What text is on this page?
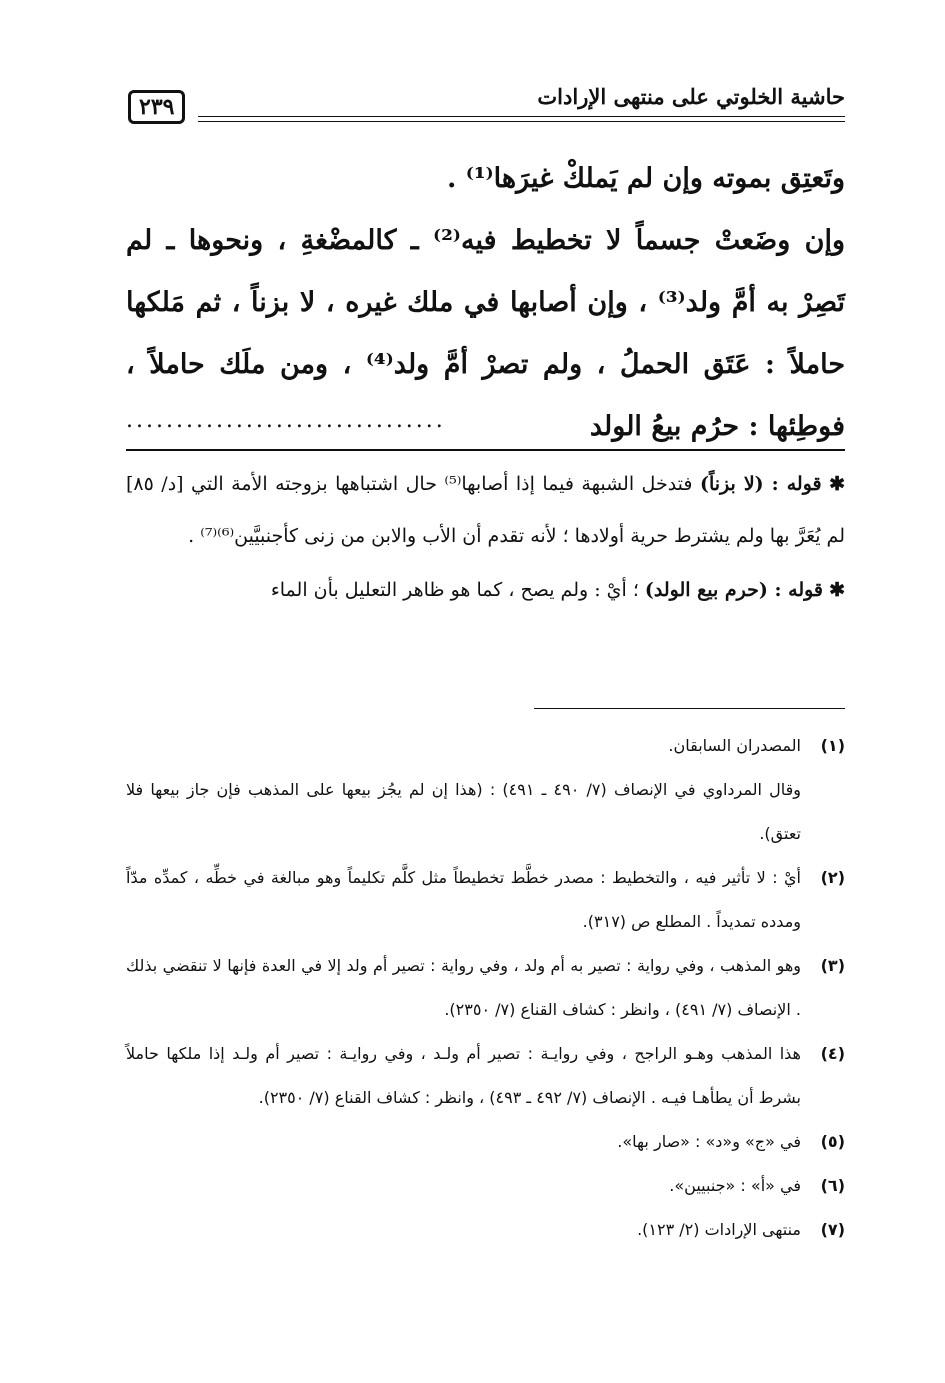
حاشية الخلوتي على منتهى الإرادات
٢٣٩

وتَعتِق بموته وإن لم يَملكْ غيرَها⁽¹⁾ .

وإن وضَعتْ جسماً لا تخطيط فيه⁽²⁾ ـ كالمضْغةِ ، ونحوها ـ لم تَصِرْ به أمَّ ولد⁽³⁾ ، وإن أصابها في ملك غيره ، لا بزناً ، ثم مَلكها حاملاً : عَتَق الحملُ ، ولم تصرْ أمَّ ولد⁽⁴⁾ ، ومن ملَك حاملاً ، فوطِئها : حرُم بيعُ الولد

................................

✱ قوله : (لا بزناً) فتدخل الشبهة فيما إذا أصابها⁽⁵⁾ حال اشتباهها بزوجته الأمة التي [د/ ٨٥] لم يُعَرَّ بها ولم يشترط حرية أولادها ؛ لأنه تقدم أن الأب والابن من زنى كأجنبيَّين⁽⁶⁾⁽⁷⁾ .

✱ قوله : (حرم بيع الولد) ؛ أيْ : ولم يصح ، كما هو ظاهر التعليل بأن الماء

(١)
المصدران السابقان.
وقال المرداوي في الإنصاف (٧/ ٤٩٠ ـ ٤٩١) : (هذا إن لم يجُز بيعها على المذهب فإن جاز بيعها فلا تعتق).
(٢)
أيْ : لا تأثير فيه ، والتخطيط : مصدر خطَّط تخطيطاً مثل كلَّم تكليماً وهو مبالغة في خطِّه ، كمدِّه مدّاً ومدده تمديداً . المطلع ص (٣١٧).
(٣)
وهو المذهب ، وفي رواية : تصير به أم ولد ، وفي رواية : تصير أم ولد إلا في العدة فإنها لا تنقضي بذلك . الإنصاف (٧/ ٤٩١) ، وانظر : كشاف القناع (٧/ ٢٣٥٠).
(٤)
هذا المذهب وهـو الراجح ، وفي روايـة : تصير أم ولـد ، وفي روايـة : تصير أم ولـد إذا ملكها حاملاً بشرط أن يطأهـا فيـه . الإنصاف (٧/ ٤٩٢ ـ ٤٩٣) ، وانظر : كشاف القناع (٧/ ٢٣٥٠).
(٥)
في «ج» و«د» : «صار بها».
(٦)
في «أ» : «جنبيين».
(٧)
منتهى الإرادات (٢/ ١٢٣).
